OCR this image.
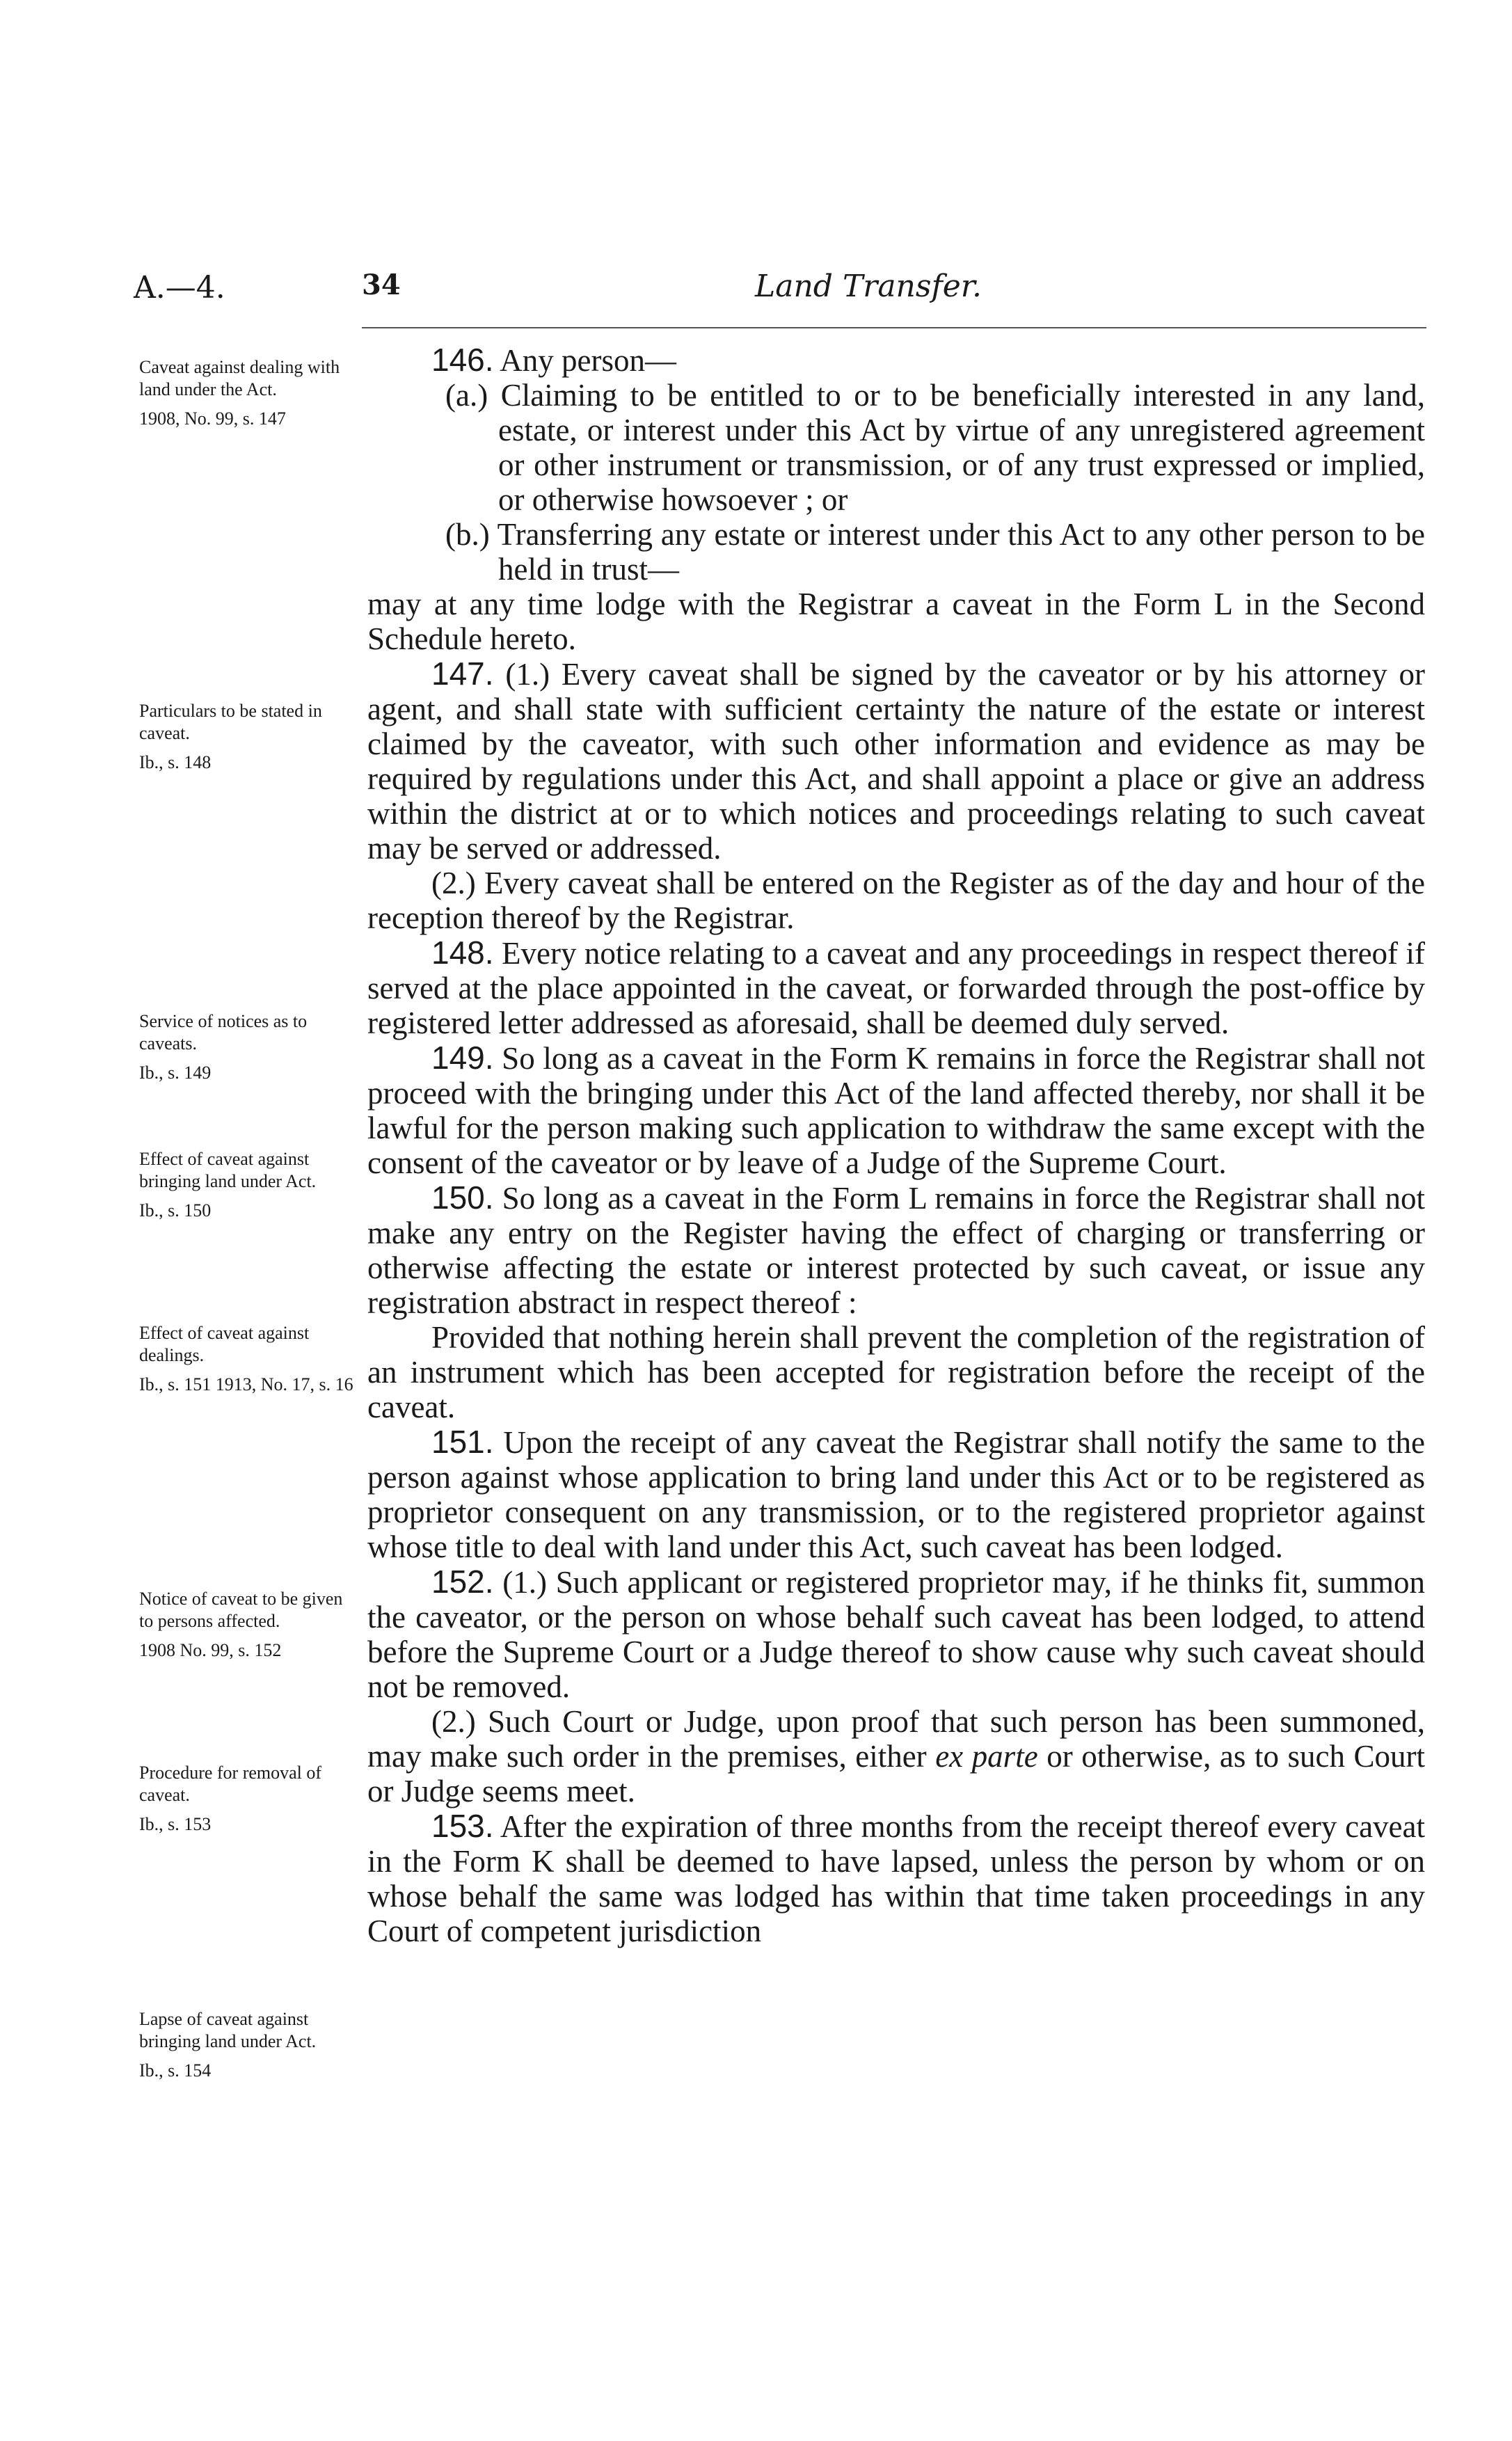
A.—4.	34	Land Transfer.
Caveat against dealing with land under the Act.
1908, No. 99, s. 147
Particulars to be stated in caveat.
Ib., s. 148
Service of notices as to caveats.
Ib., s. 149
Effect of caveat against bringing land under Act.
Ib., s. 150
Effect of caveat against dealings.
Ib., s. 151 1913, No. 17, s. 16
Notice of caveat to be given to persons affected.
1908 No. 99, s. 152
Procedure for removal of caveat.
Ib., s. 153
Lapse of caveat against bringing land under Act.
Ib., s. 154

146. Any person—

(a.) Claiming to be entitled to or to be beneficially interested in any land, estate, or interest under this Act by virtue of any unregistered agreement or other instrument or transmission, or of any trust expressed or implied, or otherwise howsoever ; or

(b.) Transferring any estate or interest under this Act to any other person to be held in trust—

may at any time lodge with the Registrar a caveat in the Form L in the Second Schedule hereto.

147. (1.) Every caveat shall be signed by the caveator or by his attorney or agent, and shall state with sufficient certainty the nature of the estate or interest claimed by the caveator, with such other information and evidence as may be required by regulations under this Act, and shall appoint a place or give an address within the district at or to which notices and proceedings relating to such caveat may be served or addressed.

(2.) Every caveat shall be entered on the Register as of the day and hour of the reception thereof by the Registrar.

148. Every notice relating to a caveat and any proceedings in respect thereof if served at the place appointed in the caveat, or forwarded through the post-office by registered letter addressed as aforesaid, shall be deemed duly served.

149. So long as a caveat in the Form K remains in force the Registrar shall not proceed with the bringing under this Act of the land affected thereby, nor shall it be lawful for the person making such application to withdraw the same except with the consent of the caveator or by leave of a Judge of the Supreme Court.

150. So long as a caveat in the Form L remains in force the Registrar shall not make any entry on the Register having the effect of charging or transferring or otherwise affecting the estate or interest protected by such caveat, or issue any registration abstract in respect thereof :

Provided that nothing herein shall prevent the completion of the registration of an instrument which has been accepted for registration before the receipt of the caveat.

151. Upon the receipt of any caveat the Registrar shall notify the same to the person against whose application to bring land under this Act or to be registered as proprietor consequent on any transmission, or to the registered proprietor against whose title to deal with land under this Act, such caveat has been lodged.

152. (1.) Such applicant or registered proprietor may, if he thinks fit, summon the caveator, or the person on whose behalf such caveat has been lodged, to attend before the Supreme Court or a Judge thereof to show cause why such caveat should not be removed.

(2.) Such Court or Judge, upon proof that such person has been summoned, may make such order in the premises, either ex parte or otherwise, as to such Court or Judge seems meet.

153. After the expiration of three months from the receipt thereof every caveat in the Form K shall be deemed to have lapsed, unless the person by whom or on whose behalf the same was lodged has within that time taken proceedings in any Court of competent jurisdiction
